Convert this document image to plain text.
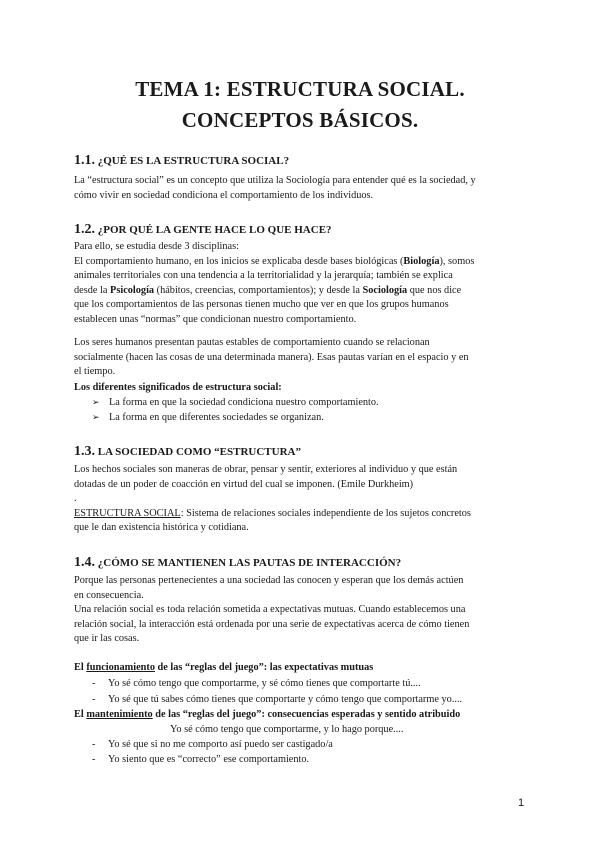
TEMA 1: ESTRUCTURA SOCIAL.
CONCEPTOS BÁSICOS.
1.1. ¿QUÉ ES LA ESTRUCTURA SOCIAL?
La “estructura social” es un concepto que utiliza la Sociología para entender qué es la sociedad, y
cómo vivir en sociedad condiciona el comportamiento de los individuos.
1.2. ¿POR QUÉ LA GENTE HACE LO QUE HACE?
Para ello, se estudia desde 3 disciplinas:
El comportamiento humano, en los inicios se explicaba desde bases biológicas (Biología), somos
animales territoriales con una tendencia a la territorialidad y la jerarquía; también se explica
desde la Psicología (hábitos, creencias, comportamientos); y desde la Sociología que nos dice
que los comportamientos de las personas tienen mucho que ver en que los grupos humanos
establecen unas “normas” que condicionan nuestro comportamiento.
Los seres humanos presentan pautas estables de comportamiento cuando se relacionan
socialmente (hacen las cosas de una determinada manera). Esas pautas varían en el espacio y en
el tiempo.
Los diferentes significados de estructura social:
➢ La forma en que la sociedad condiciona nuestro comportamiento.
➢ La forma en que diferentes sociedades se organizan.
1.3. LA SOCIEDAD COMO “ESTRUCTURA”
Los hechos sociales son maneras de obrar, pensar y sentir, exteriores al individuo y que están
dotadas de un poder de coacción en virtud del cual se imponen. (Emile Durkheim)
.
ESTRUCTURA SOCIAL: Sistema de relaciones sociales independiente de los sujetos concretos
que le dan existencia histórica y cotidiana.
1.4. ¿CÓMO SE MANTIENEN LAS PAUTAS DE INTERACCIÓN?
Porque las personas pertenecientes a una sociedad las conocen y esperan que los demás actúen
en consecuencia.
Una relación social es toda relación sometida a expectativas mutuas. Cuando establecemos una
relación social, la interacción está ordenada por una serie de expectativas acerca de cómo tienen
que ir las cosas.
El funcionamiento de las “reglas del juego”: las expectativas mutuas
- Yo sé cómo tengo que comportarme, y sé cómo tienes que comportarte tú....
- Yo sé que tú sabes cómo tienes que comportarte y cómo tengo que comportarme yo....
El mantenimiento de las “reglas del juego”: consecuencias esperadas y sentido atribuido
Yo sé cómo tengo que comportarme, y lo hago porque....
- Yo sé que si no me comporto así puedo ser castigado/a
- Yo siento que es “correcto” ese comportamiento.
1
